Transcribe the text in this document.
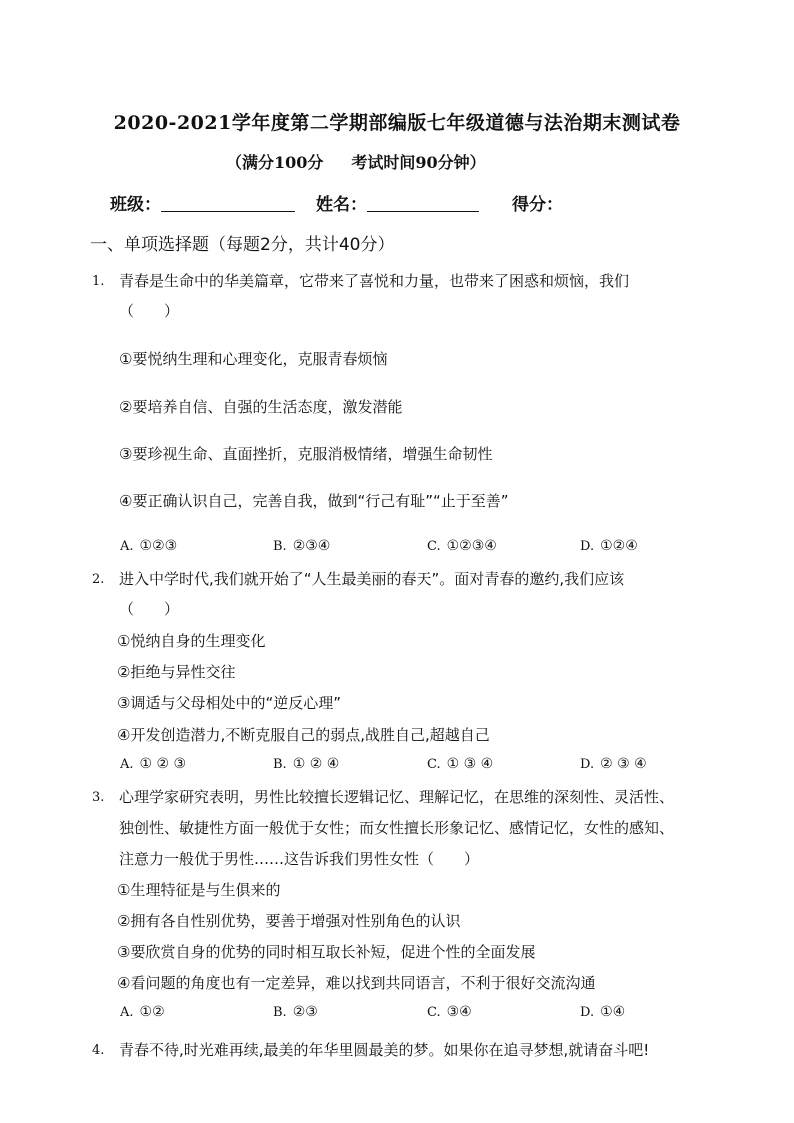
2020-2021学年度第二学期部编版七年级道德与法治期末测试卷
（满分100分 考试时间90分钟）
班级：	姓名：	得分：
一、单项选择题（每题2分，共计40分）
1. 青春是生命中的华美篇章，它带来了喜悦和力量，也带来了困惑和烦恼，我们
（　　）
①要悦纳生理和心理变化，克服青春烦恼
②要培养自信、自强的生活态度，激发潜能
③要珍视生命、直面挫折，克服消极情绪，增强生命韧性
④要正确认识自己，完善自我，做到“行己有耻”“止于至善”
A. ①②③	B. ②③④	C. ①②③④	D. ①②④
2. 进入中学时代,我们就开始了“人生最美丽的春天”。面对青春的邀约,我们应该
（　　）
①悦纳自身的生理变化
②拒绝与异性交往
③调适与父母相处中的“逆反心理”
④开发创造潜力,不断克服自己的弱点,战胜自己,超越自己
A. ① ② ③	B. ① ② ④	C. ① ③ ④	D. ② ③ ④
3. 心理学家研究表明，男性比较擅长逻辑记忆、理解记忆，在思维的深刻性、灵活性、
独创性、敏捷性方面一般优于女性；而女性擅长形象记忆、感情记忆，女性的感知、
注意力一般优于男性……这告诉我们男性女性（　　）
①生理特征是与生俱来的
②拥有各自性别优势，要善于增强对性别角色的认识
③要欣赏自身的优势的同时相互取长补短，促进个性的全面发展
④看问题的角度也有一定差异，难以找到共同语言，不利于很好交流沟通
A. ①②	B. ②③	C. ③④	D. ①④
4. 青春不待,时光难再续,最美的年华里圆最美的梦。如果你在追寻梦想,就请奋斗吧!
